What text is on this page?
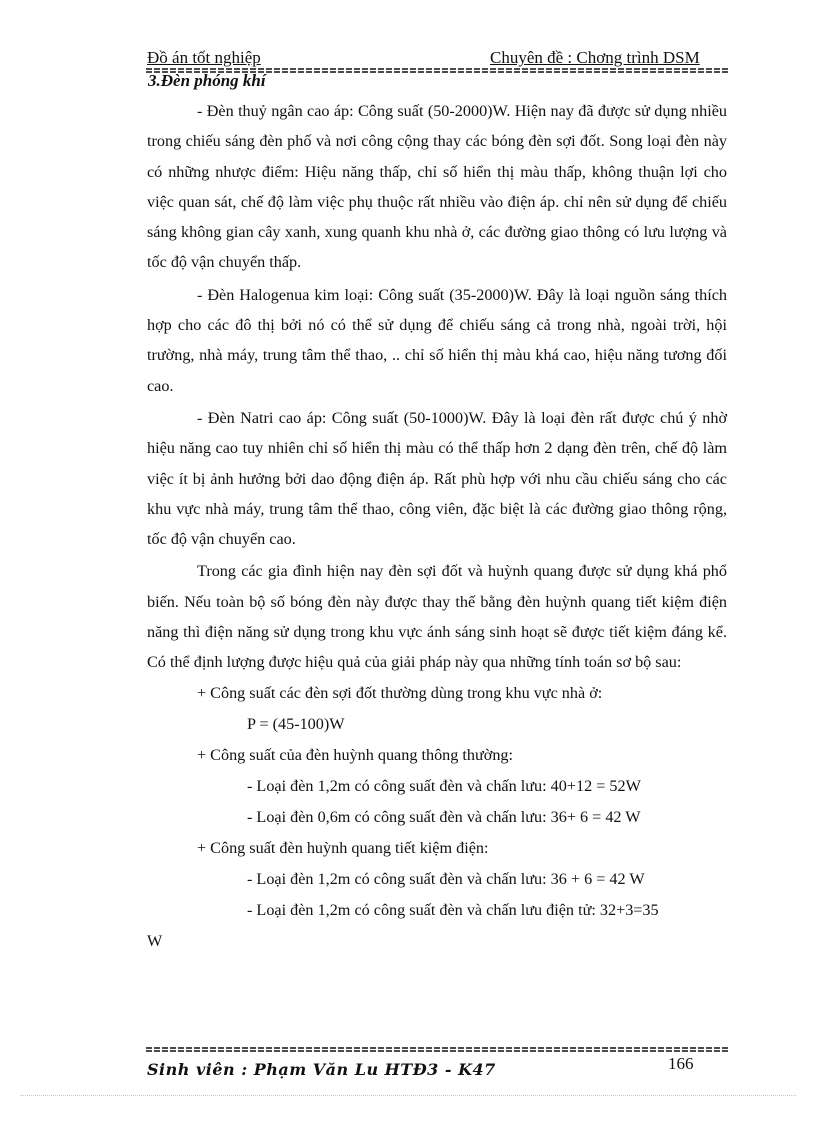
Đồ án tốt nghiệp	Chuyên đề : Chơng trình DSM
3.Đèn phóng khí

- Đèn thuỷ ngân cao áp: Công suất (50-2000)W. Hiện nay đã được sử dụng nhiều trong chiếu sáng đèn phố và nơi công cộng thay các bóng đèn sợi đốt. Song loại đèn này có những nhược điểm: Hiệu năng thấp, chỉ số hiển thị màu thấp, không thuận lợi cho việc quan sát, chế độ làm việc phụ thuộc rất nhiều vào điện áp. chỉ nên sử dụng để chiếu sáng không gian cây xanh, xung quanh khu nhà ở, các đường giao thông có lưu lượng và tốc độ vận chuyển thấp.

- Đèn Halogenua kim loại: Công suất (35-2000)W. Đây là loại nguồn sáng thích hợp cho các đô thị bởi nó có thể sử dụng để chiếu sáng cả trong nhà, ngoài trời, hội trường, nhà máy, trung tâm thể thao, .. chỉ số hiển thị màu khá cao, hiệu năng tương đối cao.

- Đèn Natri cao áp: Công suất (50-1000)W. Đây là loại đèn rất được chú ý nhờ hiệu năng cao tuy nhiên chỉ số hiển thị màu có thể thấp hơn 2 dạng đèn trên, chế độ làm việc ít bị ảnh hưởng bởi dao động điện áp. Rất phù hợp với nhu cầu chiếu sáng cho các khu vực nhà máy, trung tâm thể thao, công viên, đặc biệt là các đường giao thông rộng, tốc độ vận chuyển cao.

Trong các gia đình hiện nay đèn sợi đốt và huỳnh quang được sử dụng khá phổ biến. Nếu toàn bộ số bóng đèn này được thay thế bằng đèn huỳnh quang tiết kiệm điện năng thì điện năng sử dụng trong khu vực ánh sáng sinh hoạt sẽ được tiết kiệm đáng kể. Có thể định lượng được hiệu quả của giải pháp này qua những tính toán sơ bộ sau:

+ Công suất các đèn sợi đốt thường dùng trong khu vực nhà ở:

P = (45-100)W

+ Công suất của đèn huỳnh quang thông thường:

- Loại đèn 1,2m có công suất đèn và chấn lưu: 40+12 = 52W

- Loại đèn 0,6m có công suất đèn và chấn lưu: 36+ 6 = 42 W

+ Công suất đèn huỳnh quang tiết kiệm điện:

- Loại đèn 1,2m có công suất đèn và chấn lưu: 36 + 6 = 42 W

- Loại đèn 1,2m có công suất đèn và chấn lưu điện tử: 32+3=35

W

Sinh viên : Phạm Văn Lu HTĐ3 - K47	166
